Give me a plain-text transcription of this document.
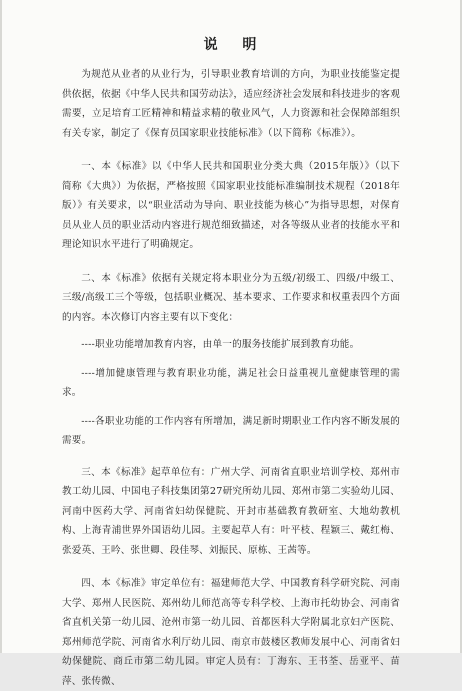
说 明

为规范从业者的从业行为，引导职业教育培训的方向，为职业技能鉴定提供依据，依据《中华人民共和国劳动法》，适应经济社会发展和科技进步的客观需要，立足培育工匠精神和精益求精的敬业风气，人力资源和社会保障部组织有关专家，制定了《保育员国家职业技能标准》（以下简称《标准》）。

一、本《标准》以《中华人民共和国职业分类大典（2015年版）》（以下简称《大典》）为依据，严格按照《国家职业技能标准编制技术规程（2018年版）》有关要求，以“职业活动为导向、职业技能为核心”为指导思想，对保育员从业人员的职业活动内容进行规范细致描述，对各等级从业者的技能水平和理论知识水平进行了明确规定。

二、本《标准》依据有关规定将本职业分为五级/初级工、四级/中级工、三级/高级工三个等级，包括职业概况、基本要求、工作要求和权重表四个方面的内容。本次修订内容主要有以下变化：

----职业功能增加教育内容，由单一的服务技能扩展到教育功能。

----增加健康管理与教育职业功能，满足社会日益重视儿童健康管理的需求。

----各职业功能的工作内容有所增加，满足新时期职业工作内容不断发展的需要。

三、本《标准》起草单位有：广州大学、河南省直职业培训学校、郑州市教工幼儿园、中国电子科技集团第27研究所幼儿园、郑州市第二实验幼儿园、河南中医药大学、河南省妇幼保健院、开封市基础教育教研室、大地幼教机构、上海青浦世界外国语幼儿园。主要起草人有：叶平枝、程颖三、戴红梅、张爱英、王吟、张世卿、段佳琴、刘振民、原栋、王茜等。

四、本《标准》审定单位有：福建师范大学、中国教育科学研究院、河南大学、郑州人民医院、郑州幼儿师范高等专科学校、上海市托幼协会、河南省省直机关第一幼儿园、沧州市第一幼儿园、首都医科大学附属北京妇产医院、郑州师范学院、河南省水利厅幼儿园、南京市鼓楼区教师发展中心、河南省妇幼保健院、商丘市第二幼儿园。审定人员有：丁海东、王书荃、岳亚平、苗萍、张传微、
